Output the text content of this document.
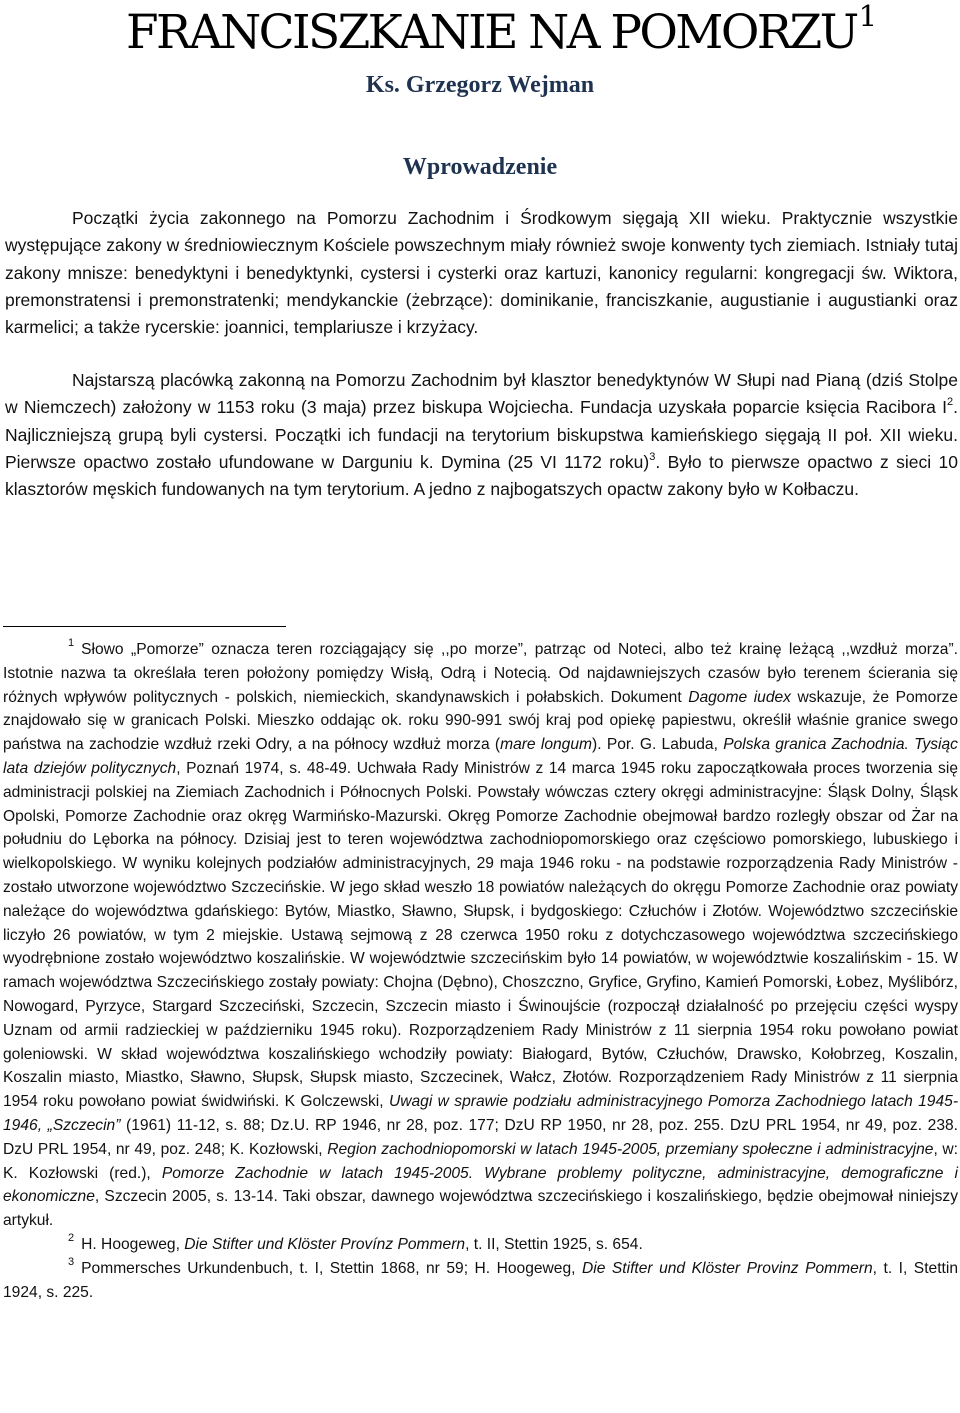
FRANCISZKANIE NA POMORZU$^1$
Ks. Grzegorz Wejman
Wprowadzenie

Początki życia zakonnego na Pomorzu Zachodnim i Środkowym sięgają XII wieku. Praktycznie wszystkie występujące zakony w średniowiecznym Kościele powszechnym miały również swoje konwenty tych ziemiach. Istniały tutaj zakony mnisze: benedyktyni i benedyktynki, cystersi i cysterki oraz kartuzi, kanonicy regularni: kongregacji św. Wiktora, premonstratensi i premonstratenki; mendykanckie (żebrzące): dominikanie, franciszkanie, augustianie i augustianki oraz karmelici; a także rycerskie: joannici, templariusze i krzyżacy.

Najstarszą placówką zakonną na Pomorzu Zachodnim był klasztor benedyktynów W Słupi nad Pianą (dziś Stolpe w Niemczech) założony w 1153 roku (3 maja) przez biskupa Wojciecha. Fundacja uzyskała poparcie księcia Racibora $I^2$. Najliczniejszą grupą byli cystersi. Początki ich fundacji na terytorium biskupstwa kamieńskiego sięgają II poł. XII wieku. Pierwsze opactwo zostało ufundowane w Darguniu k. Dymina (25 VI 1172 roku)$^3$. Było to pierwsze opactwo z sieci 10 klasztorów męskich fundowanych na tym terytorium. A jedno z najbogatszych opactw zakony było w Kołbaczu.

$^1$ Słowo „Pomorze” oznacza teren rozciągający się ,,po morze”, patrząc od Noteci, albo też krainę leżącą ,,wzdłuż morza”. Istotnie nazwa ta określała teren położony pomiędzy Wisłą, Odrą i Notecią. Od najdawniejszych czasów było terenem ścierania się różnych wpływów politycznych - polskich, niemieckich, skandynawskich i połabskich. Dokument Dagome iudex wskazuje, że Pomorze znajdowało się w granicach Polski. Mieszko oddając ok. roku 990-991 swój kraj pod opiekę papiestwu, określił właśnie granice swego państwa na zachodzie wzdłuż rzeki Odry, a na północy wzdłuż morza (mare longum). Por. G. Labuda, Polska granica Zachodnia. Tysiąc lata dziejów politycznych, Poznań 1974, s. 48-49. Uchwała Rady Ministrów z 14 marca 1945 roku zapoczątkowała proces tworzenia się administracji polskiej na Ziemiach Zachodnich i Północnych Polski. Powstały wówczas cztery okręgi administracyjne: Śląsk Dolny, Śląsk Opolski, Pomorze Zachodnie oraz okręg Warmińsko-Mazurski. Okręg Pomorze Zachodnie obejmował bardzo rozległy obszar od Żar na południu do Lęborka na północy. Dzisiaj jest to teren województwa zachodniopomorskiego oraz częściowo pomorskiego, lubuskiego i wielkopolskiego. W wyniku kolejnych podziałów administracyjnych, 29 maja 1946 roku - na podstawie rozporządzenia Rady Ministrów - zostało utworzone województwo Szczecińskie. W jego skład weszło 18 powiatów należących do okręgu Pomorze Zachodnie oraz powiaty należące do województwa gdańskiego: Bytów, Miastko, Sławno, Słupsk, i bydgoskiego: Człuchów i Złotów. Województwo szczecińskie liczyło 26 powiatów, w tym 2 miejskie. Ustawą sejmową z 28 czerwca 1950 roku z dotychczasowego województwa szczecińskiego wyodrębnione zostało województwo koszalińskie. W województwie szczecińskim było 14 powiatów, w województwie koszalińskim - 15. W ramach województwa Szczecińskiego zostały powiaty: Chojna (Dębno), Choszczno, Gryfice, Gryfino, Kamień Pomorski, Łobez, Myślibórz, Nowogard, Pyrzyce, Stargard Szczeciński, Szczecin, Szczecin miasto i Świnoujście (rozpoczął działalność po przejęciu części wyspy Uznam od armii radzieckiej w październiku 1945 roku). Rozporządzeniem Rady Ministrów z 11 sierpnia 1954 roku powołano powiat goleniowski. W skład województwa koszalińskiego wchodziły powiaty: Białogard, Bytów, Człuchów, Drawsko, Kołobrzeg, Koszalin, Koszalin miasto, Miastko, Sławno, Słupsk, Słupsk miasto, Szczecinek, Wałcz, Złotów. Rozporządzeniem Rady Ministrów z 11 sierpnia 1954 roku powołano powiat świdwiński. K Golczewski, Uwagi w sprawie podziału administracyjnego Pomorza Zachodniego latach 1945-1946, „Szczecin” (1961) 11-12, s. 88; Dz.U. RP 1946, nr 28, poz. 177; DzU RP 1950, nr 28, poz. 255. DzU PRL 1954, nr 49, poz. 238. DzU PRL 1954, nr 49, poz. 248; K. Kozłowski, Region zachodniopomorski w latach 1945-2005, przemiany społeczne i administracyjne, w: K. Kozłowski (red.), Pomorze Zachodnie w latach 1945-2005. Wybrane problemy polityczne, administracyjne, demograficzne i ekonomiczne, Szczecin 2005, s. 13-14. Taki obszar, dawnego województwa szczecińskiego i koszalińskiego, będzie obejmował niniejszy artykuł.

$^2$ H. Hoogeweg, Die Stifter und Klöster Provínz Pommern, t. II, Stettin 1925, s. 654.

$^3$ Pommersches Urkundenbuch, t. I, Stettin 1868, nr 59; H. Hoogeweg, Die Stifter und Klöster Provinz Pommern, t. I, Stettin 1924, s. 225.
